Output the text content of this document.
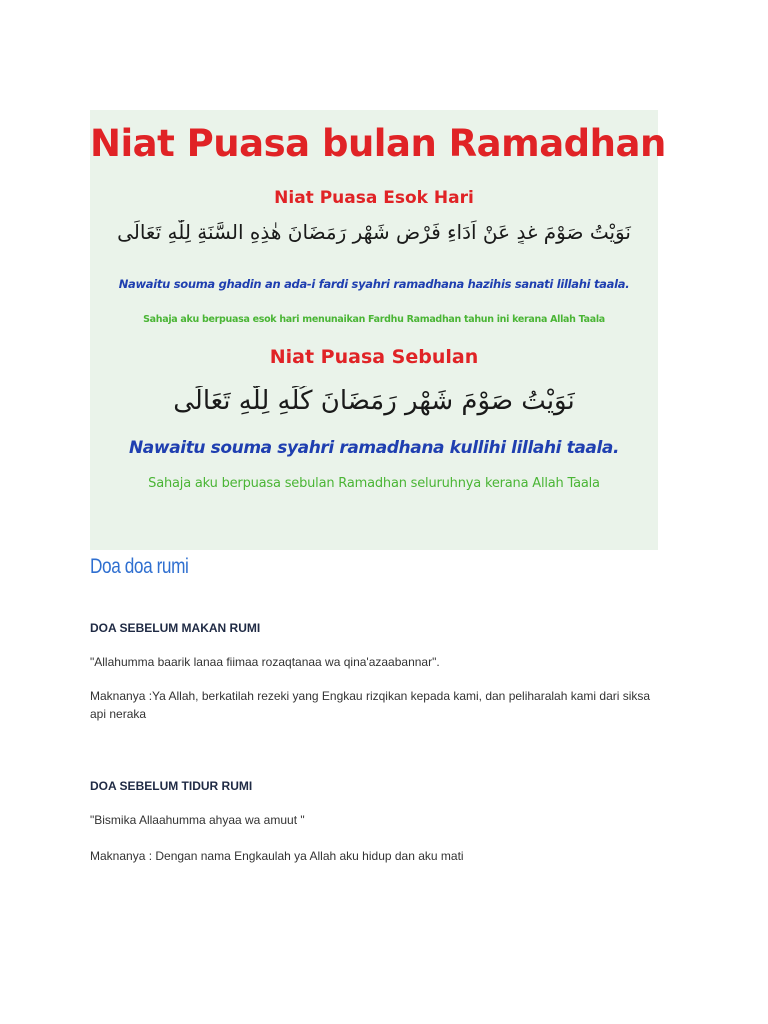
Niat Puasa bulan Ramadhan
Niat Puasa Esok Hari
نَوَيْتُ صَوْمَ غدٍ عَنْ اَدَاءِ فَرْضِ شَهْرِ رَمَضَانَ هٰذِهِ السَّنَةِ لِلّٰهِ تَعَالَى
Nawaitu souma ghadin an ada-i fardi syahri ramadhana hazihis sanati lillahi taala.
Sahaja aku berpuasa esok hari menunaikan Fardhu Ramadhan tahun ini kerana Allah Taala
Niat Puasa Sebulan
نَوَيْتُ صَوْمَ شَهْرِ رَمَضَانَ كُلِّهِ لِلّٰهِ تَعَالَى
Nawaitu souma syahri ramadhana kullihi lillahi taala.
Sahaja aku berpuasa sebulan Ramadhan seluruhnya kerana Allah Taala
Doa doa rumi
DOA SEBELUM MAKAN RUMI
"Allahumma baarik lanaa fiimaa rozaqtanaa wa qina'azaabannar".
Maknanya :Ya Allah, berkatilah rezeki yang Engkau rizqikan kepada kami, dan peliharalah kami dari siksa
api neraka
DOA SEBELUM TIDUR RUMI
"Bismika Allaahumma ahyaa wa amuut "
Maknanya : Dengan nama Engkaulah ya Allah aku hidup dan aku mati
